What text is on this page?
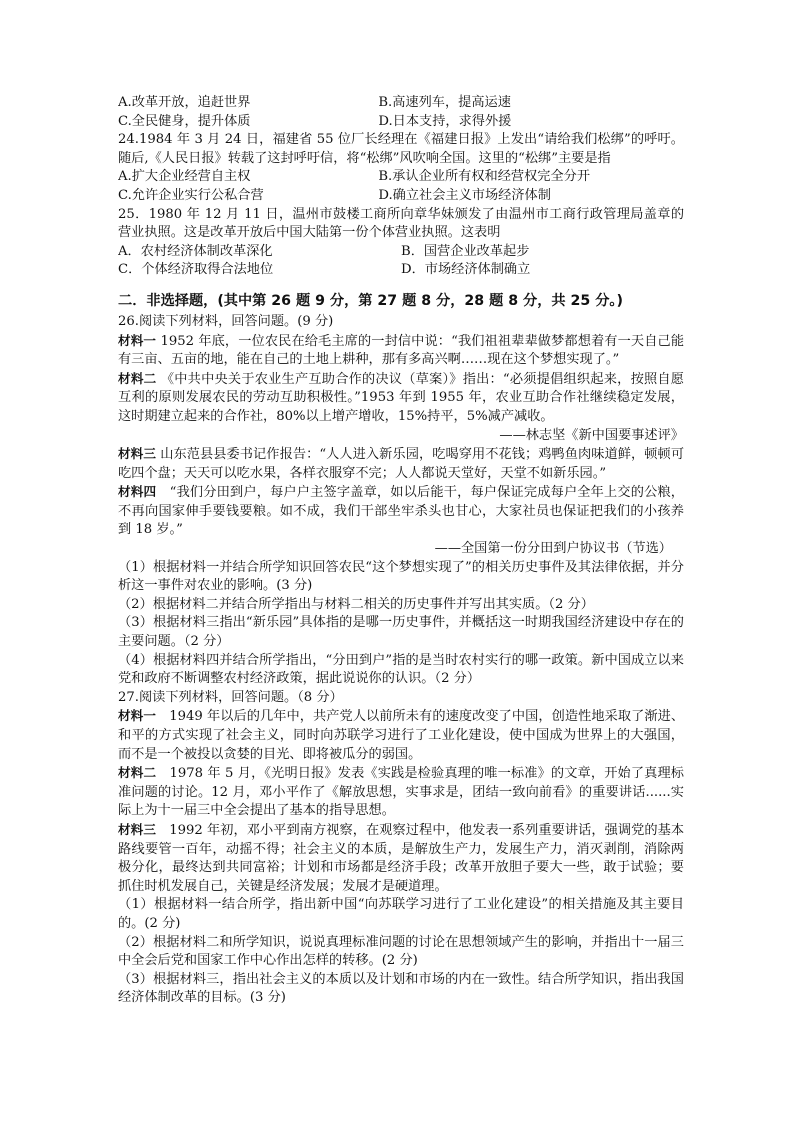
A.改革开放，追赶世界	B.高速列车，提高运速
C.全民健身，提升体质	D.日本支持，求得外援

24.1984 年 3 月 24 日，福建省 55 位厂长经理在《福建日报》上发出“请给我们松绑”的呼吁。随后,《人民日报》转载了这封呼吁信，将“松绑”风吹响全国。这里的“松绑”主要是指

A.扩大企业经营自主权	B.承认企业所有权和经营权完全分开
C.允许企业实行公私合营	D.确立社会主义市场经济体制

25．1980 年 12 月 11 日，温州市鼓楼工商所向章华妹颁发了由温州市工商行政管理局盖章的营业执照。这是改革开放后中国大陆第一份个体营业执照。这表明

A．农村经济体制改革深化	B．国营企业改革起步
C．个体经济取得合法地位	D．市场经济体制确立
二．非选择题，(其中第 26 题 9 分，第 27 题 8 分，28 题 8 分，共 25 分。)

26.阅读下列材料，回答问题。(9 分)

材料一 1952 年底，一位农民在给毛主席的一封信中说：“我们祖祖辈辈做梦都想着有一天自己能有三亩、五亩的地，能在自己的土地上耕种，那有多高兴啊……现在这个梦想实现了。”

材料二 《中共中央关于农业生产互助合作的决议（草案）》指出：“必须提倡组织起来，按照自愿互利的原则发展农民的劳动互助积极性。”1953 年到 1955 年，农业互助合作社继续稳定发展，这时期建立起来的合作社，80%以上增产增收，15%持平，5%减产减收。

——林志坚《新中国要事述评》

材料三 山东范县县委书记作报告：“人人进入新乐园，吃喝穿用不花钱；鸡鸭鱼肉味道鲜，顿顿可吃四个盘；天天可以吃水果，各样衣服穿不完；人人都说天堂好，天堂不如新乐园。”

材料四　“我们分田到户，每户户主签字盖章，如以后能干，每户保证完成每户全年上交的公粮，不再向国家伸手要钱要粮。如不成，我们干部坐牢杀头也甘心，大家社员也保证把我们的小孩养到 18 岁。”

——全国第一份分田到户协议书（节选）

（1）根据材料一并结合所学知识回答农民“这个梦想实现了”的相关历史事件及其法律依据，并分析这一事件对农业的影响。(3 分)

（2）根据材料二并结合所学指出与材料二相关的历史事件并写出其实质。（2 分）

（3）根据材料三指出“新乐园”具体指的是哪一历史事件，并概括这一时期我国经济建设中存在的主要问题。（2 分）

（4）根据材料四并结合所学指出，“分田到户”指的是当时农村实行的哪一政策。新中国成立以来党和政府不断调整农村经济政策，据此说说你的认识。（2 分）

27.阅读下列材料，回答问题。（8 分）

材料一　1949 年以后的几年中，共产党人以前所未有的速度改变了中国，创造性地采取了渐进、和平的方式实现了社会主义，同时向苏联学习进行了工业化建设，使中国成为世界上的大强国，而不是一个被投以贪婪的目光、即将被瓜分的弱国。

材料二　1978 年 5 月，《光明日报》发表《实践是检验真理的唯一标准》的文章，开始了真理标准问题的讨论。12 月，邓小平作了《解放思想，实事求是，团结一致向前看》的重要讲话......实际上为十一届三中全会提出了基本的指导思想。

材料三　1992 年初，邓小平到南方视察，在观察过程中，他发表一系列重要讲话，强调党的基本路线要管一百年，动摇不得；社会主义的本质，是解放生产力，发展生产力，消灭剥削，消除两极分化，最终达到共同富裕；计划和市场都是经济手段；改革开放胆子要大一些，敢于试验；要抓住时机发展自己，关键是经济发展；发展才是硬道理。

（1）根据材料一结合所学，指出新中国“向苏联学习进行了工业化建设”的相关措施及其主要目的。(2 分)

（2）根据材料二和所学知识，说说真理标准问题的讨论在思想领域产生的影响，并指出十一届三中全会后党和国家工作中心作出怎样的转移。(2 分)

（3）根据材料三，指出社会主义的本质以及计划和市场的内在一致性。结合所学知识，指出我国经济体制改革的目标。(3 分)
